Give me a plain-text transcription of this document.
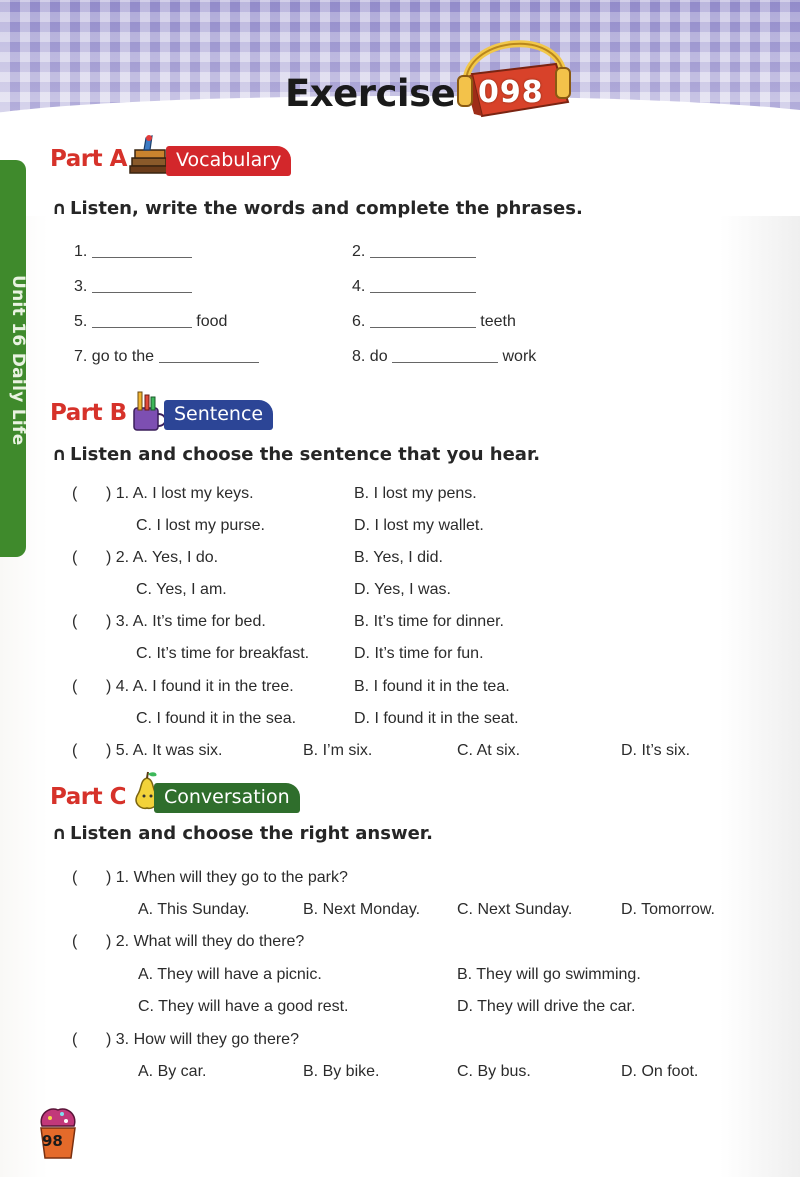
Exercise 098
Unit 16 Daily Life
Part A	Vocabulary
∩ Listen, write the words and complete the phrases.
1.	2.
3.	4.
5.	food	6.	teeth
7. go to the	8. do	work
Part B	Sentence
∩ Listen and choose the sentence that you hear.
( ) 1. A. I lost my keys.	B. I lost my pens.
C. I lost my purse.	D. I lost my wallet.
( ) 2. A. Yes, I do.	B. Yes, I did.
C. Yes, I am.	D. Yes, I was.
( ) 3. A. It’s time for bed.	B. It’s time for dinner.
C. It’s time for breakfast.	D. It’s time for fun.
( ) 4. A. I found it in the tree.	B. I found it in the tea.
C. I found it in the sea.	D. I found it in the seat.
( ) 5. A. It was six.	B. I’m six.	C. At six.	D. It’s six.
Part C	Conversation
∩ Listen and choose the right answer.
( ) 1. When will they go to the park?
A. This Sunday.	B. Next Monday. C. Next Sunday.	D. Tomorrow.
( ) 2. What will they do there?
A. They will have a picnic.	B. They will go swimming.
C. They will have a good rest.	D. They will drive the car.
( ) 3. How will they go there?
A. By car.	B. By bike.	C. By bus.	D. On foot.
98
